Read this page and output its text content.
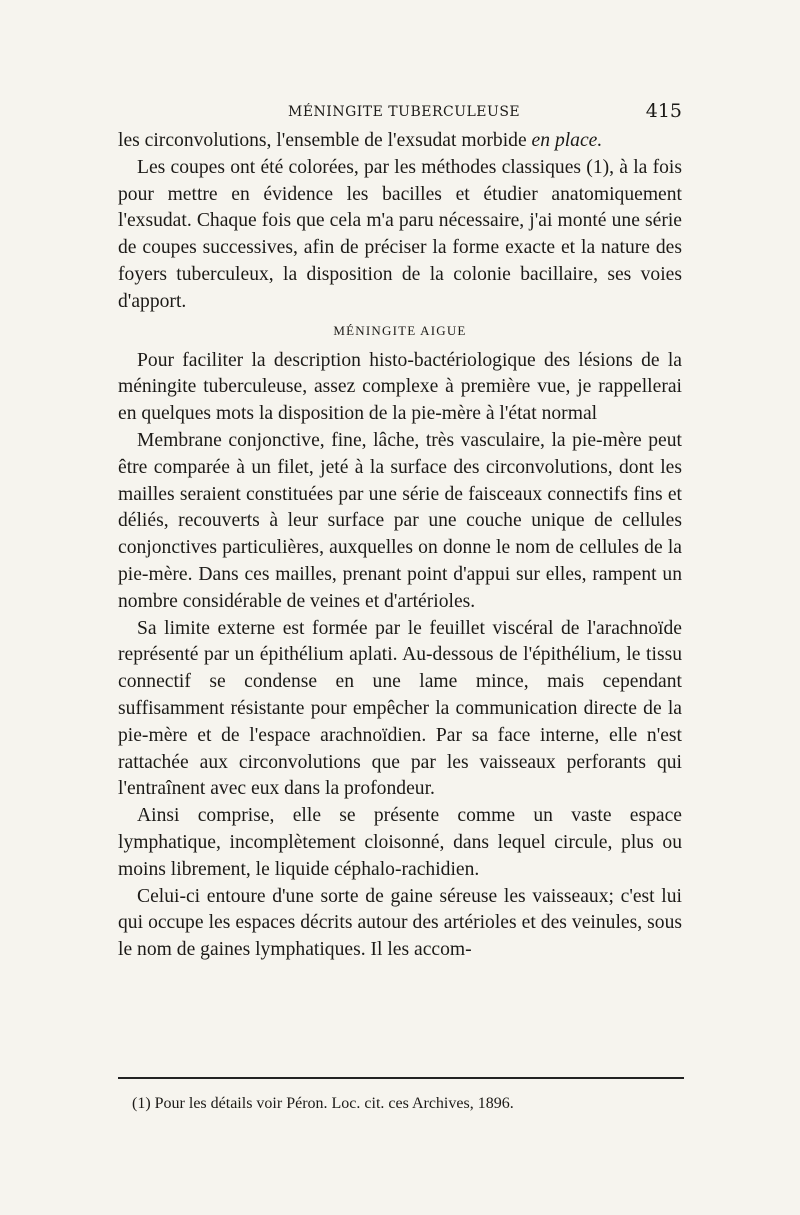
MÉNINGITE TUBERCULEUSE	415

les circonvolutions, l'ensemble de l'exsudat morbide en place.

Les coupes ont été colorées, par les méthodes classiques (1), à la fois pour mettre en évidence les bacilles et étudier anatomiquement l'exsudat. Chaque fois que cela m'a paru nécessaire, j'ai monté une série de coupes successives, afin de préciser la forme exacte et la nature des foyers tuberculeux, la disposition de la colonie bacillaire, ses voies d'apport.

MÉNINGITE AIGUE

Pour faciliter la description histo-bactériologique des lésions de la méningite tuberculeuse, assez complexe à première vue, je rappellerai en quelques mots la disposition de la pie-mère à l'état normal

Membrane conjonctive, fine, lâche, très vasculaire, la pie-mère peut être comparée à un filet, jeté à la surface des circonvolutions, dont les mailles seraient constituées par une série de faisceaux connectifs fins et déliés, recouverts à leur surface par une couche unique de cellules conjonctives particulières, auxquelles on donne le nom de cellules de la pie-mère. Dans ces mailles, prenant point d'appui sur elles, rampent un nombre considérable de veines et d'artérioles.

Sa limite externe est formée par le feuillet viscéral de l'arachnoïde représenté par un épithélium aplati. Au-dessous de l'épithélium, le tissu connectif se condense en une lame mince, mais cependant suffisamment résistante pour empêcher la communication directe de la pie-mère et de l'espace arachnoïdien. Par sa face interne, elle n'est rattachée aux circonvolutions que par les vaisseaux perforants qui l'entraînent avec eux dans la profondeur.

Ainsi comprise, elle se présente comme un vaste espace lymphatique, incomplètement cloisonné, dans lequel circule, plus ou moins librement, le liquide céphalo-rachidien.

Celui-ci entoure d'une sorte de gaine séreuse les vaisseaux; c'est lui qui occupe les espaces décrits autour des artérioles et des veinules, sous le nom de gaines lymphatiques. Il les accom-

(1) Pour les détails voir Péron. Loc. cit. ces Archives, 1896.
